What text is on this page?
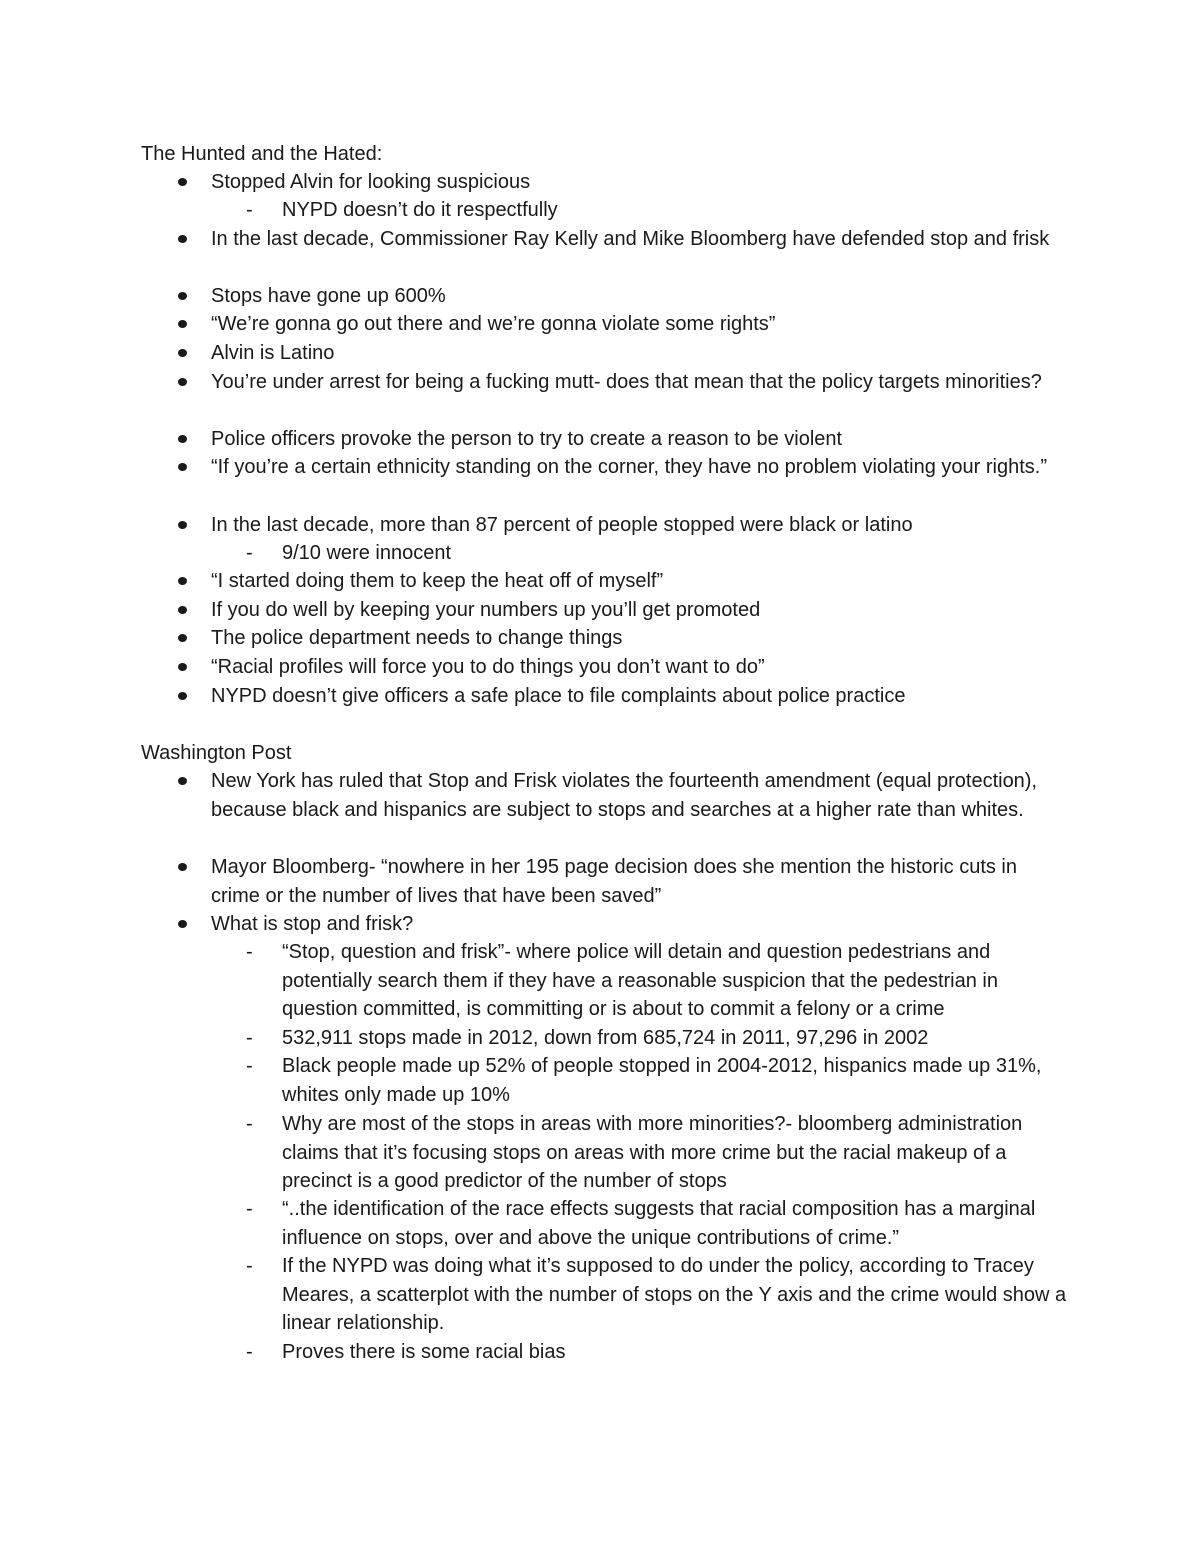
The Hunted and the Hated:
Stopped Alvin for looking suspicious
- NYPD doesn’t do it respectfully
In the last decade, Commissioner Ray Kelly and Mike Bloomberg have defended stop and frisk
Stops have gone up 600%
“We’re gonna go out there and we’re gonna violate some rights”
Alvin is Latino
You’re under arrest for being a fucking mutt- does that mean that the policy targets minorities?
Police officers provoke the person to try to create a reason to be violent
“If you’re a certain ethnicity standing on the corner, they have no problem violating your rights.”
In the last decade, more than 87 percent of people stopped were black or latino
- 9/10 were innocent
“I started doing them to keep the heat off of myself”
If you do well by keeping your numbers up you’ll get promoted
The police department needs to change things
“Racial profiles will force you to do things you don’t want to do”
NYPD doesn’t give officers a safe place to file complaints about police practice
Washington Post
New York has ruled that Stop and Frisk violates the fourteenth amendment (equal protection), because black and hispanics are subject to stops and searches at a higher rate than whites.
Mayor Bloomberg- “nowhere in her 195 page decision does she mention the historic cuts in crime or the number of lives that have been saved”
What is stop and frisk?
- “Stop, question and frisk”- where police will detain and question pedestrians and potentially search them if they have a reasonable suspicion that the pedestrian in question committed, is committing or is about to commit a felony or a crime
- 532,911 stops made in 2012, down from 685,724 in 2011, 97,296 in 2002
- Black people made up 52% of people stopped in 2004-2012, hispanics made up 31%, whites only made up 10%
- Why are most of the stops in areas with more minorities?- bloomberg administration claims that it’s focusing stops on areas with more crime but the racial makeup of a precinct is a good predictor of the number of stops
- “..the identification of the race effects suggests that racial composition has a marginal influence on stops, over and above the unique contributions of crime.”
- If the NYPD was doing what it’s supposed to do under the policy, according to Tracey Meares, a scatterplot with the number of stops on the Y axis and the crime would show a linear relationship.
- Proves there is some racial bias
